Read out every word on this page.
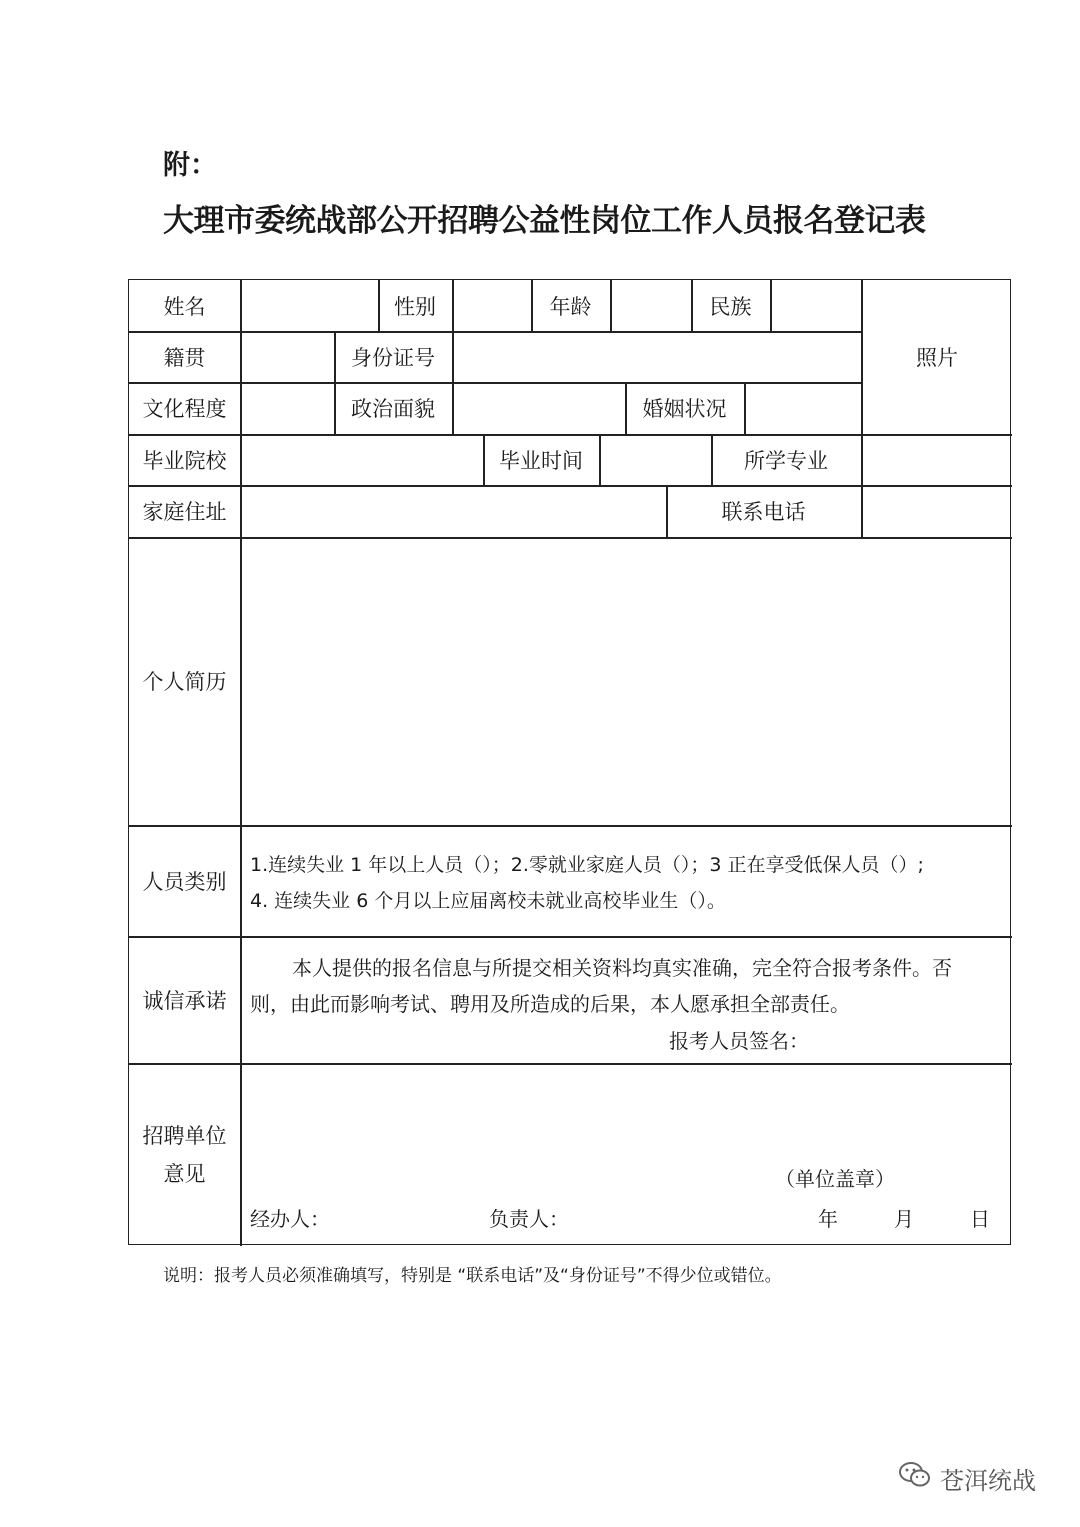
附：
大理市委统战部公开招聘公益性岗位工作人员报名登记表
姓名	性别	年龄	民族
照片
籍贯	身份证号
文化程度	政治面貌	婚姻状况
毕业院校	毕业时间	所学专业
家庭住址	联系电话
个人简历
人员类别
1.连续失业 1 年以上人员（）；2.零就业家庭人员（）；3 正在享受低保人员（）;
4. 连续失业 6 个月以上应届离校未就业高校毕业生（）。
诚信承诺
本人提供的报名信息与所提交相关资料均真实准确，完全符合报考条件。否
则，由此而影响考试、聘用及所造成的后果，本人愿承担全部责任。
报考人员签名：
招聘单位
意见	（单位盖章）
经办人：	负责人：	年	月	日
说明：报考人员必须准确填写，特别是 “联系电话”及“身份证号”不得少位或错位。
苍洱统战
